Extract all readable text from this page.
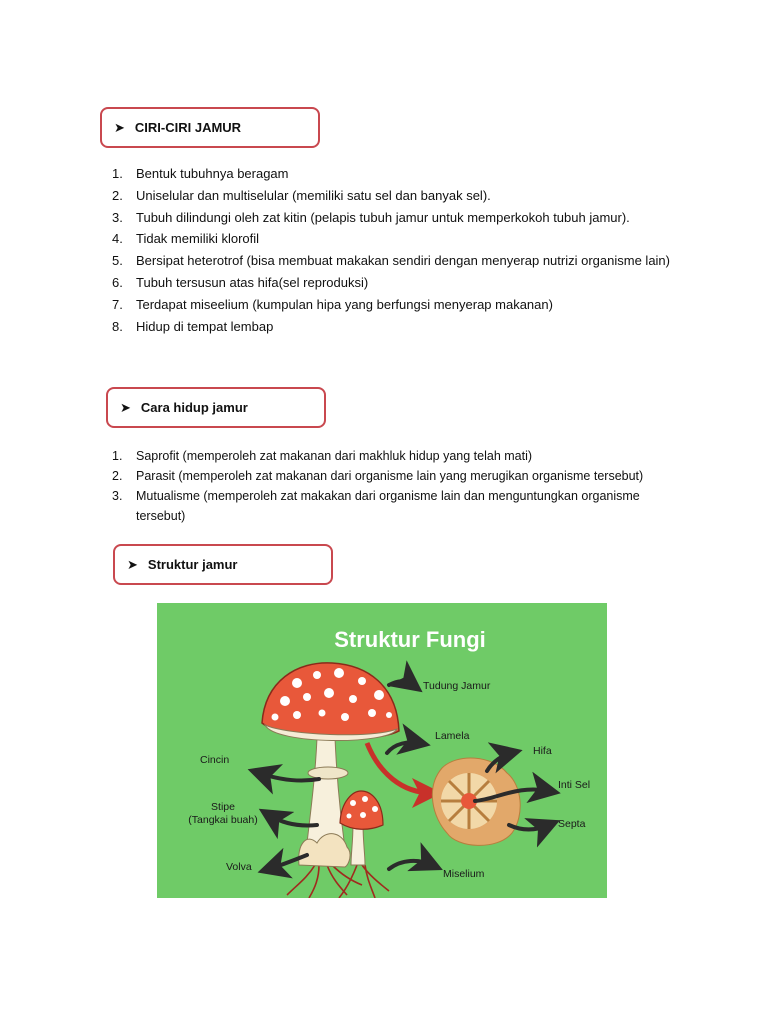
➤ CIRI-CIRI JAMUR
1. Bentuk tubuhnya beragam
2. Uniselular dan multiselular (memiliki satu sel dan banyak sel).
3. Tubuh dilindungi oleh zat kitin (pelapis tubuh jamur untuk memperkokoh tubuh jamur).
4. Tidak memiliki klorofil
5. Bersipat heterotrof (bisa membuat makakan sendiri dengan menyerap nutrizi organisme lain)
6. Tubuh tersusun atas hifa(sel reproduksi)
7. Terdapat miseelium (kumpulan hipa yang berfungsi menyerap makanan)
8. Hidup di tempat lembap
➤ Cara hidup jamur
1. Saprofit (memperoleh zat makanan dari makhluk hidup yang telah mati)
2. Parasit (memperoleh zat makanan dari organisme lain yang merugikan organisme tersebut)
3. Mutualisme (memperoleh zat makakan dari organisme lain dan menguntungkan organisme tersebut)
➤ Struktur jamur
Struktur Fungi
Tudung Jamur
Lamela
Hifa
Inti Sel
Septa
Cincin
Stipe
(Tangkai buah)
Volva
Miselium
